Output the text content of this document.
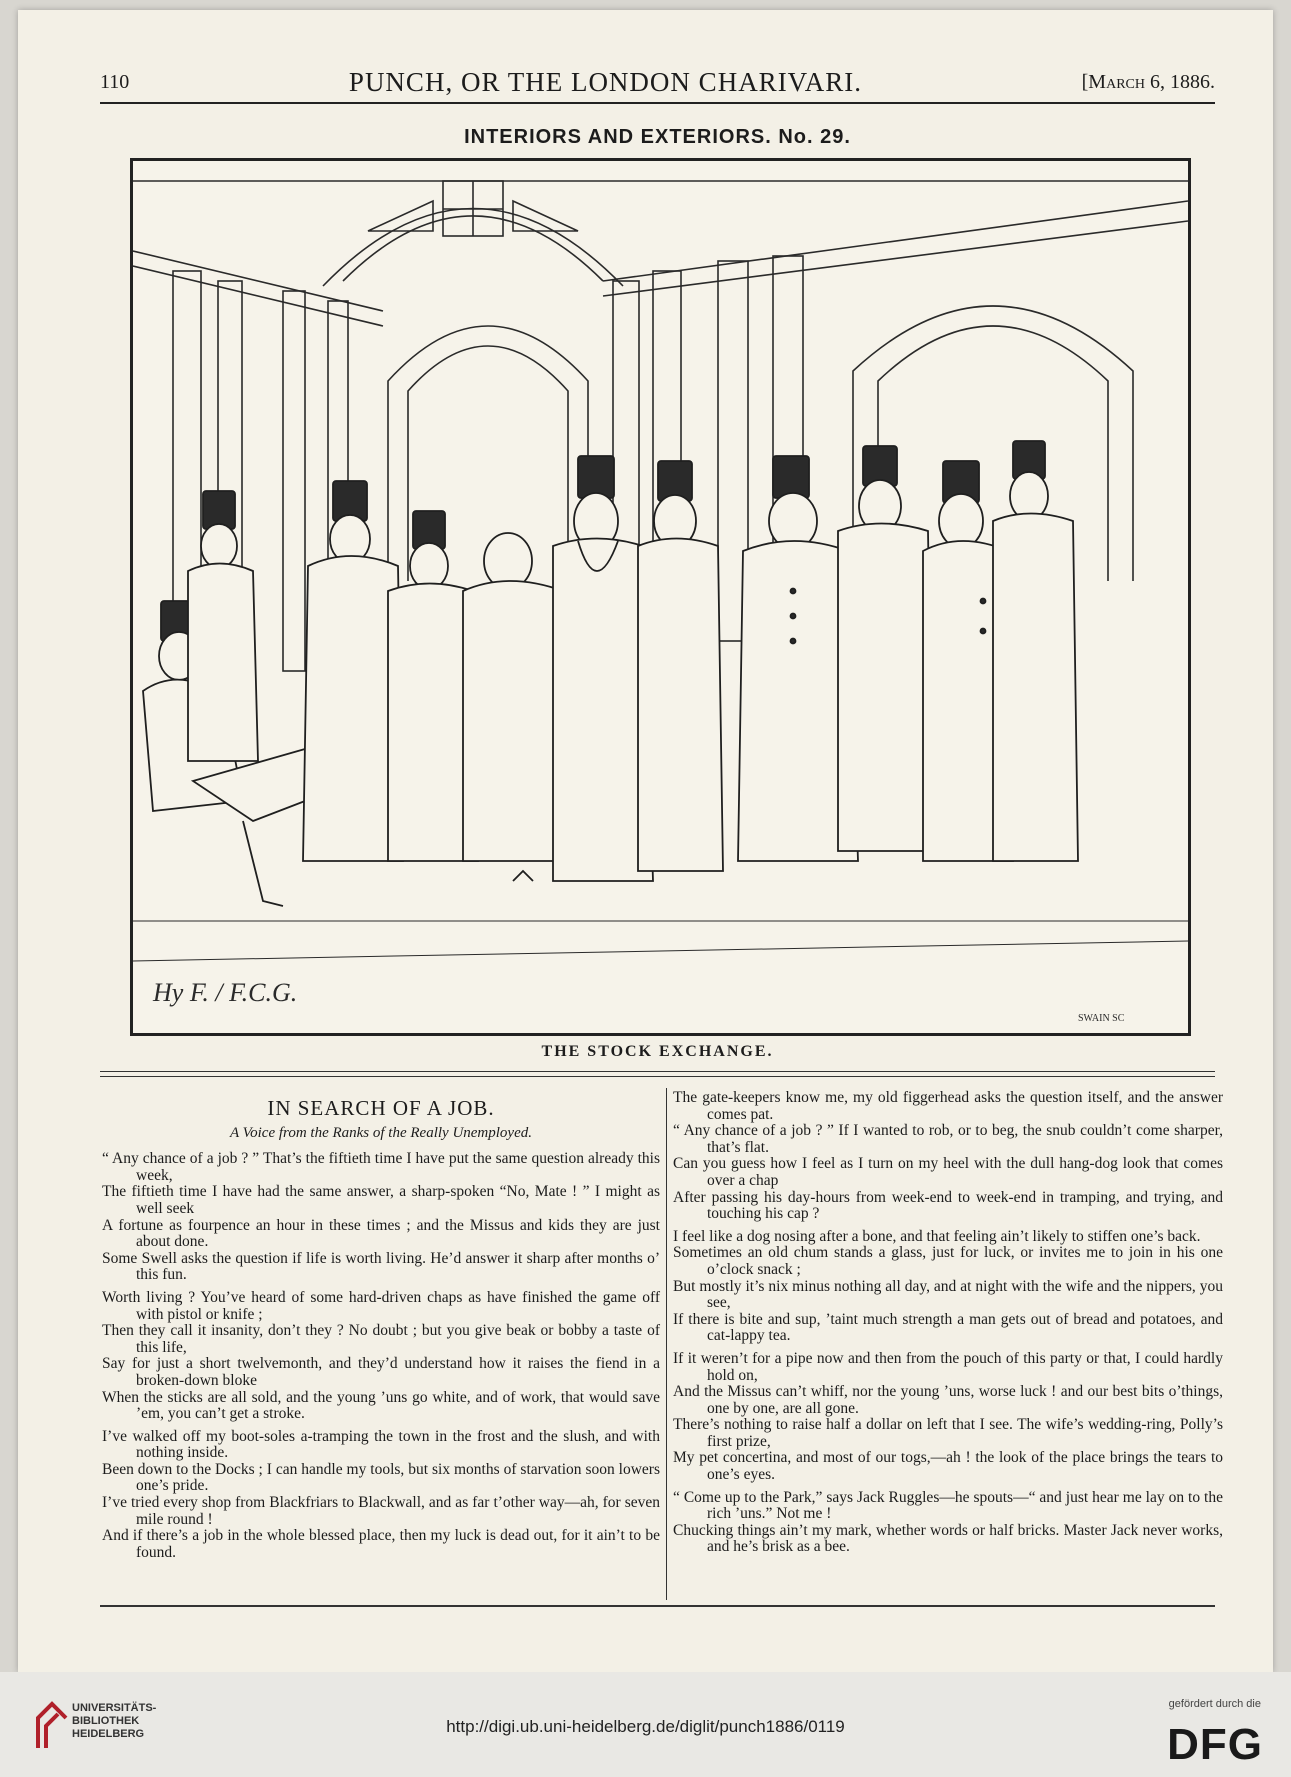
110	PUNCH, OR THE LONDON CHARIVARI.	[March 6, 1886.
INTERIORS AND EXTERIORS. No. 29.
Hy F. / F.C.G.
SWAIN SC
THE STOCK EXCHANGE.
IN SEARCH OF A JOB.
A Voice from the Ranks of the Really Unemployed.
“ Any chance of a job ? ” That’s the fiftieth time I have put the same question already this week,
The fiftieth time I have had the same answer, a sharp-spoken “No, Mate ! ” I might as well seek
A fortune as fourpence an hour in these times ; and the Missus and kids they are just about done.
Some Swell asks the question if life is worth living. He’d answer it sharp after months o’ this fun.
Worth living ? You’ve heard of some hard-driven chaps as have finished the game off with pistol or knife ;
Then they call it insanity, don’t they ? No doubt ; but you give beak or bobby a taste of this life,
Say for just a short twelvemonth, and they’d understand how it raises the fiend in a broken-down bloke
When the sticks are all sold, and the young ’uns go white, and of work, that would save ’em, you can’t get a stroke.
I’ve walked off my boot-soles a-tramping the town in the frost and the slush, and with nothing inside.
Been down to the Docks ; I can handle my tools, but six months of starvation soon lowers one’s pride.
I’ve tried every shop from Blackfriars to Blackwall, and as far t’other way—ah, for seven mile round !
And if there’s a job in the whole blessed place, then my luck is dead out, for it ain’t to be found.
The gate-keepers know me, my old figgerhead asks the question itself, and the answer comes pat.
“ Any chance of a job ? ” If I wanted to rob, or to beg, the snub couldn’t come sharper, that’s flat.
Can you guess how I feel as I turn on my heel with the dull hang-dog look that comes over a chap
After passing his day-hours from week-end to week-end in tramping, and trying, and touching his cap ?
I feel like a dog nosing after a bone, and that feeling ain’t likely to stiffen one’s back.
Sometimes an old chum stands a glass, just for luck, or invites me to join in his one o’clock snack ;
But mostly it’s nix minus nothing all day, and at night with the wife and the nippers, you see,
If there is bite and sup, ’taint much strength a man gets out of bread and potatoes, and cat-lappy tea.
If it weren’t for a pipe now and then from the pouch of this party or that, I could hardly hold on,
And the Missus can’t whiff, nor the young ’uns, worse luck ! and our best bits o’things, one by one, are all gone.
There’s nothing to raise half a dollar on left that I see. The wife’s wedding-ring, Polly’s first prize,
My pet concertina, and most of our togs,—ah ! the look of the place brings the tears to one’s eyes.
“ Come up to the Park,” says Jack Ruggles—he spouts—“ and just hear me lay on to the rich ’uns.” Not me !
Chucking things ain’t my mark, whether words or half bricks. Master Jack never works, and he’s brisk as a bee.
UNIVERSITÄTS-
BIBLIOTHEK
HEIDELBERG	http://digi.ub.uni-heidelberg.de/diglit/punch1886/0119
gefördert durch die
DFG
